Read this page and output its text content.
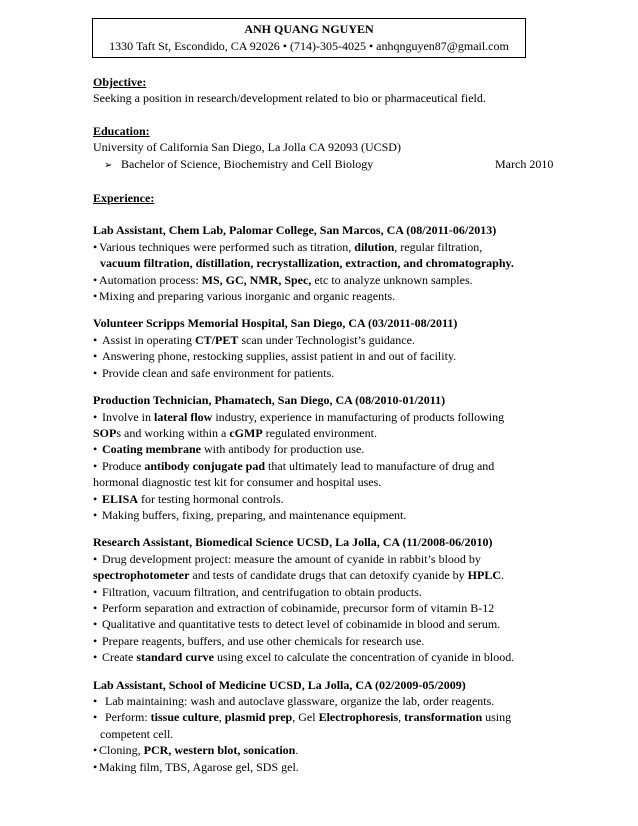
ANH QUANG NGUYEN
1330 Taft St, Escondido, CA 92026 • (714)-305-4025 • anhqnguyen87@gmail.com
Objective:
Seeking a position in research/development related to bio or pharmaceutical field.
Education:
University of California San Diego, La Jolla CA 92093 (UCSD)
➢ Bachelor of Science, Biochemistry and Cell Biology	March 2010
Experience:
Lab Assistant, Chem Lab, Palomar College, San Marcos, CA (08/2011-06/2013)
• Various techniques were performed such as titration, dilution, regular filtration,
vacuum filtration, distillation, recrystallization, extraction, and chromatography.
• Automation process: MS, GC, NMR, Spec, etc to analyze unknown samples.
• Mixing and preparing various inorganic and organic reagents.
Volunteer Scripps Memorial Hospital, San Diego, CA (03/2011-08/2011)
• Assist in operating CT/PET scan under Technologist’s guidance.
• Answering phone, restocking supplies, assist patient in and out of facility.
• Provide clean and safe environment for patients.
Production Technician, Phamatech, San Diego, CA (08/2010-01/2011)
• Involve in lateral flow industry, experience in manufacturing of products following
SOPs and working within a cGMP regulated environment.
• Coating membrane with antibody for production use.
• Produce antibody conjugate pad that ultimately lead to manufacture of drug and
hormonal diagnostic test kit for consumer and hospital uses.
• ELISA for testing hormonal controls.
• Making buffers, fixing, preparing, and maintenance equipment.
Research Assistant, Biomedical Science UCSD, La Jolla, CA (11/2008-06/2010)
• Drug development project: measure the amount of cyanide in rabbit’s blood by
spectrophotometer and tests of candidate drugs that can detoxify cyanide by HPLC.
• Filtration, vacuum filtration, and centrifugation to obtain products.
• Perform separation and extraction of cobinamide, precursor form of vitamin B-12
• Qualitative and quantitative tests to detect level of cobinamide in blood and serum.
• Prepare reagents, buffers, and use other chemicals for research use.
• Create standard curve using excel to calculate the concentration of cyanide in blood.
Lab Assistant, School of Medicine UCSD, La Jolla, CA (02/2009-05/2009)
• Lab maintaining: wash and autoclave glassware, organize the lab, order reagents.
• Perform: tissue culture, plasmid prep, Gel Electrophoresis, transformation using
competent cell.
• Cloning, PCR, western blot, sonication.
• Making film, TBS, Agarose gel, SDS gel.
